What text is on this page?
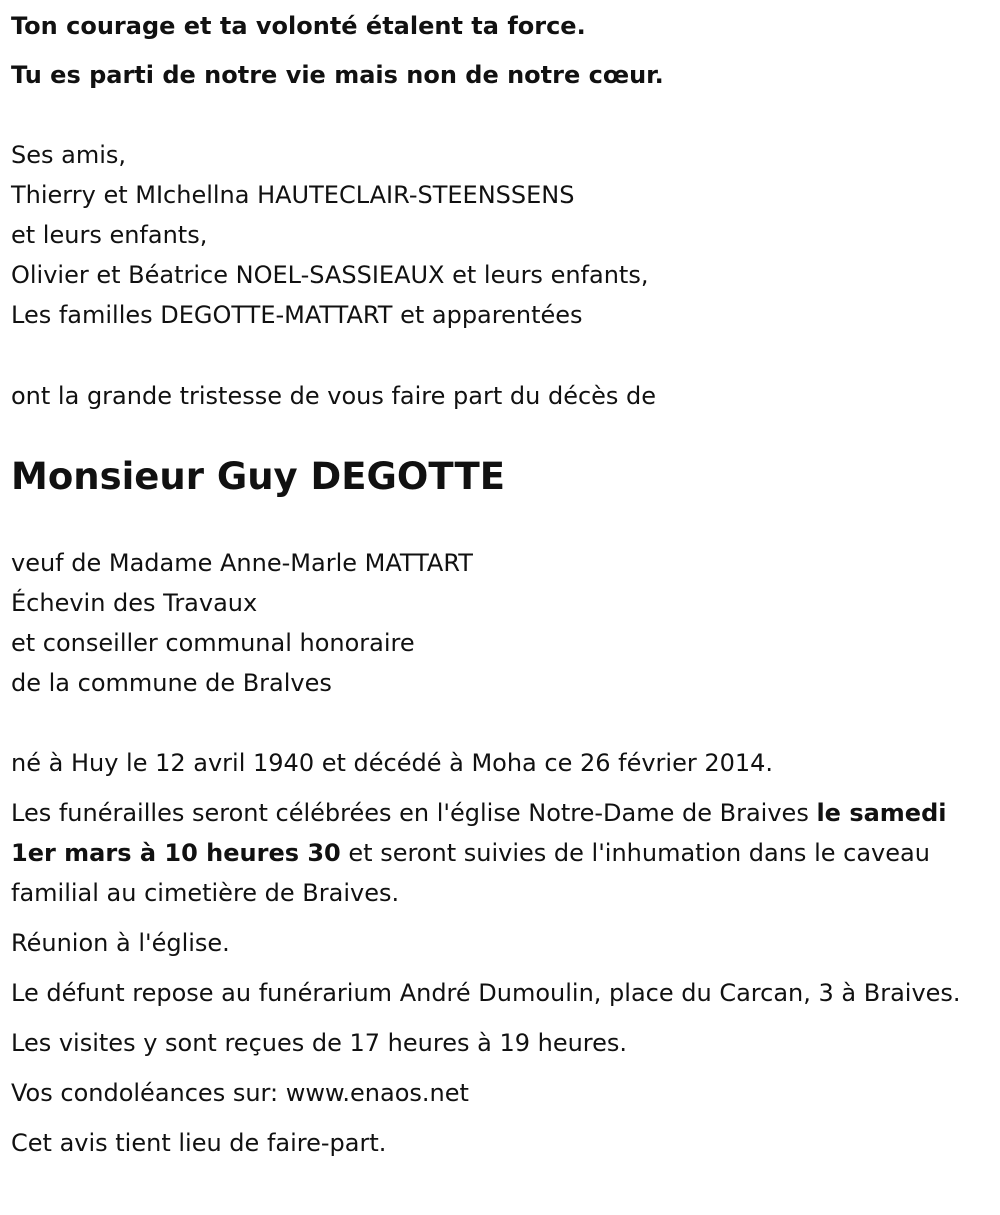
Ton courage et ta volonté étalent ta force.

Tu es parti de notre vie mais non de notre cœur.

Ses amis,

Thierry et MIchellna HAUTECLAIR-STEENSSENS

et leurs enfants,

Olivier et Béatrice NOEL-SASSIEAUX et leurs enfants,

Les familles DEGOTTE-MATTART et apparentées

ont la grande tristesse de vous faire part du décès de

Monsieur Guy DEGOTTE

veuf de Madame Anne-Marle MATTART

Échevin des Travaux

et conseiller communal honoraire

de la commune de Bralves

né à Huy le 12 avril 1940 et décédé à Moha ce 26 février 2014.

Les funérailles seront célébrées en l'église Notre-Dame de Braives le samedi 1er mars à 10 heures 30 et seront suivies de l'inhumation dans le caveau familial au cimetière de Braives.

Réunion à l'église.

Le défunt repose au funérarium André Dumoulin, place du Carcan, 3 à Braives.

Les visites y sont reçues de 17 heures à 19 heures.

Vos condoléances sur: www.enaos.net

Cet avis tient lieu de faire-part.
